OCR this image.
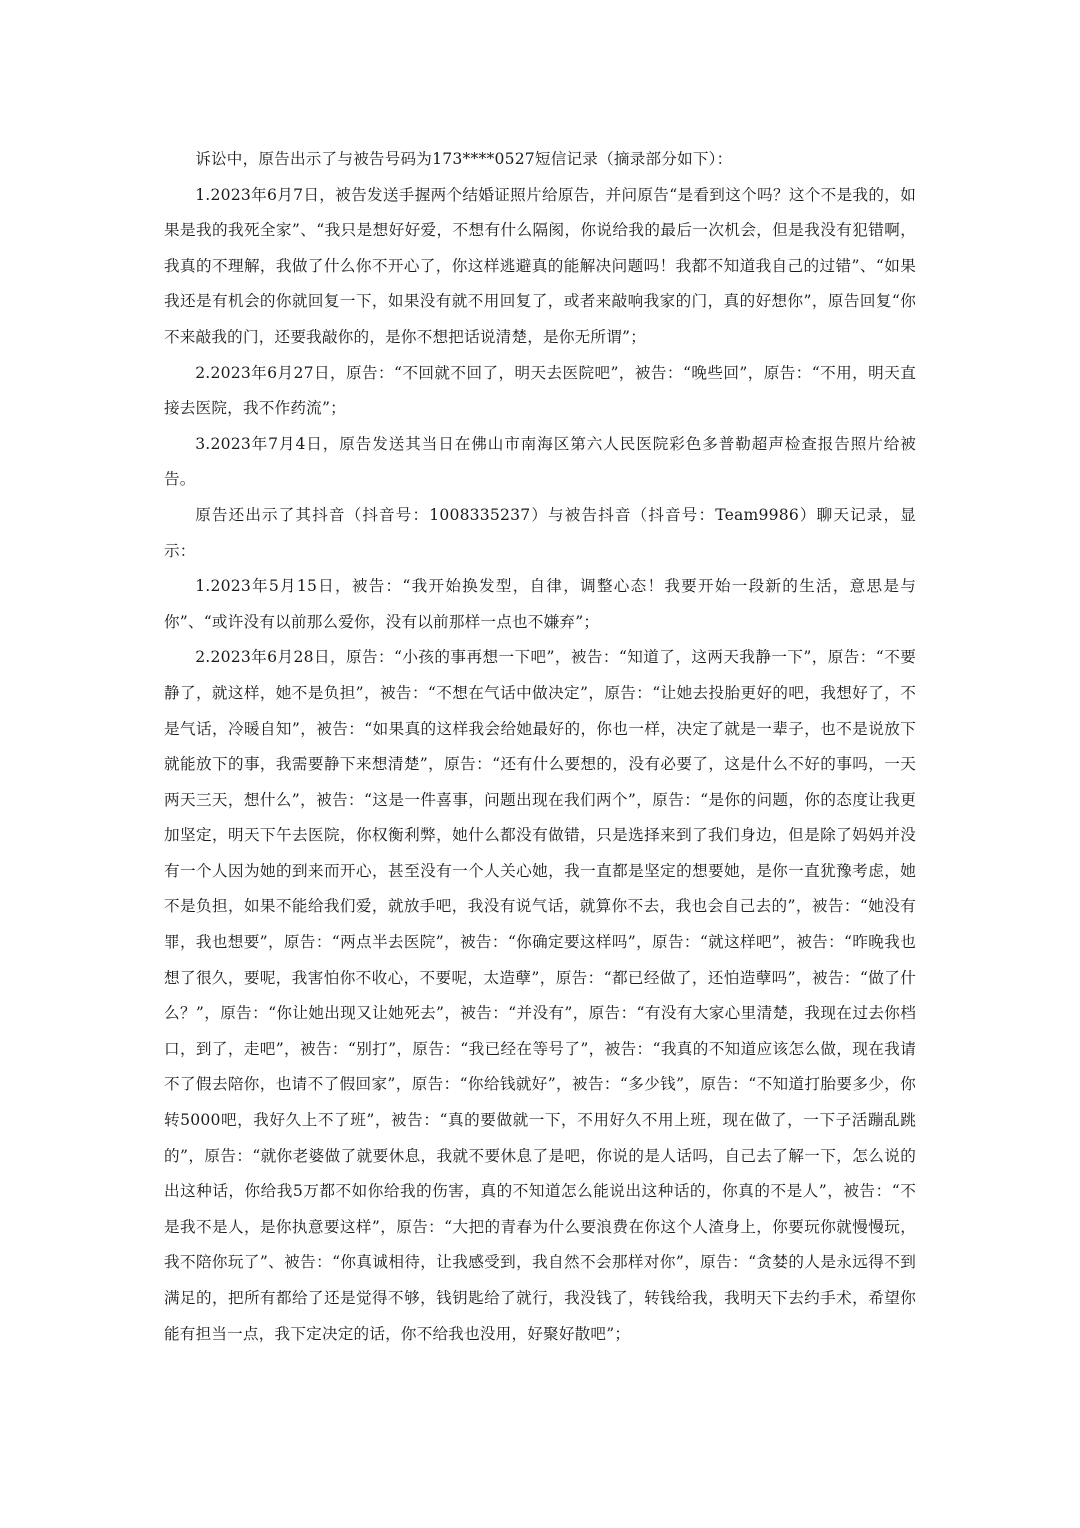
诉讼中，原告出示了与被告号码为173****0527短信记录（摘录部分如下）：

1.2023年6月7日，被告发送手握两个结婚证照片给原告，并问原告“是看到这个吗？这个不是我的，如果是我的我死全家”、“我只是想好好爱，不想有什么隔阂，你说给我的最后一次机会，但是我没有犯错啊，我真的不理解，我做了什么你不开心了，你这样逃避真的能解决问题吗！我都不知道我自己的过错”、“如果我还是有机会的你就回复一下，如果没有就不用回复了，或者来敲响我家的门，真的好想你”，原告回复“你不来敲我的门，还要我敲你的，是你不想把话说清楚，是你无所谓”；

2.2023年6月27日，原告：“不回就不回了，明天去医院吧”，被告：“晚些回”，原告：“不用，明天直接去医院，我不作药流”；

3.2023年7月4日，原告发送其当日在佛山市南海区第六人民医院彩色多普勒超声检查报告照片给被告。

原告还出示了其抖音（抖音号：1008335237）与被告抖音（抖音号：Team9986）聊天记录，显示：

1.2023年5月15日，被告：“我开始换发型，自律，调整心态！我要开始一段新的生活，意思是与你”、“或许没有以前那么爱你，没有以前那样一点也不嫌弃”；

2.2023年6月28日，原告：“小孩的事再想一下吧”，被告：“知道了，这两天我静一下”，原告：“不要静了，就这样，她不是负担”，被告：“不想在气话中做决定”，原告：“让她去投胎更好的吧，我想好了，不是气话，冷暖自知”，被告：“如果真的这样我会给她最好的，你也一样，决定了就是一辈子，也不是说放下就能放下的事，我需要静下来想清楚”，原告：“还有什么要想的，没有必要了，这是什么不好的事吗，一天两天三天，想什么”，被告：“这是一件喜事，问题出现在我们两个”，原告：“是你的问题，你的态度让我更加坚定，明天下午去医院，你权衡利弊，她什么都没有做错，只是选择来到了我们身边，但是除了妈妈并没有一个人因为她的到来而开心，甚至没有一个人关心她，我一直都是坚定的想要她，是你一直犹豫考虑，她不是负担，如果不能给我们爱，就放手吧，我没有说气话，就算你不去，我也会自己去的”，被告：“她没有罪，我也想要”，原告：“两点半去医院”，被告：“你确定要这样吗”，原告：“就这样吧”，被告：“昨晚我也想了很久，要呢，我害怕你不收心，不要呢，太造孽”，原告：“都已经做了，还怕造孽吗”，被告：“做了什么？”，原告：“你让她出现又让她死去”，被告：“并没有”，原告：“有没有大家心里清楚，我现在过去你档口，到了，走吧”，被告：“别打”，原告：“我已经在等号了”，被告：“我真的不知道应该怎么做，现在我请不了假去陪你，也请不了假回家”，原告：“你给钱就好”，被告：“多少钱”，原告：“不知道打胎要多少，你转5000吧，我好久上不了班”，被告：“真的要做就一下，不用好久不用上班，现在做了，一下子活蹦乱跳的”，原告：“就你老婆做了就要休息，我就不要休息了是吧，你说的是人话吗，自己去了解一下，怎么说的出这种话，你给我5万都不如你给我的伤害，真的不知道怎么能说出这种话的，你真的不是人”，被告：“不是我不是人，是你执意要这样”，原告：“大把的青春为什么要浪费在你这个人渣身上，你要玩你就慢慢玩，我不陪你玩了”、被告：“你真诚相待，让我感受到，我自然不会那样对你”，原告：“贪婪的人是永远得不到满足的，把所有都给了还是觉得不够，钱钥匙给了就行，我没钱了，转钱给我，我明天下去约手术，希望你能有担当一点，我下定决定的话，你不给我也没用，好聚好散吧”；
